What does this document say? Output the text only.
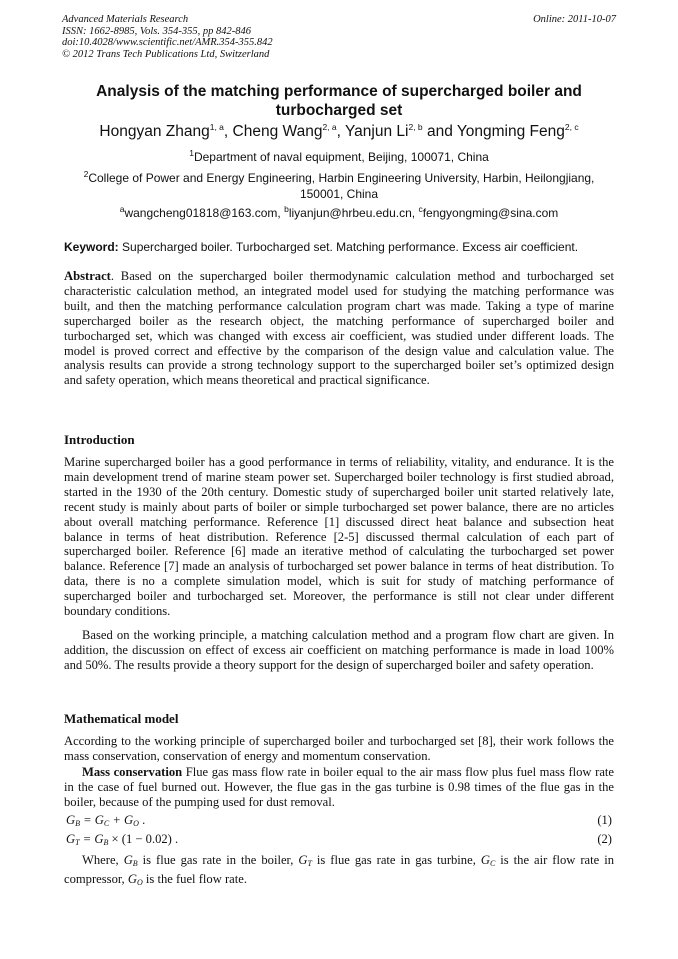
Advanced Materials Research
ISSN: 1662-8985, Vols. 354-355, pp 842-846
doi:10.4028/www.scientific.net/AMR.354-355.842
© 2012 Trans Tech Publications Ltd, Switzerland
Online: 2011-10-07
Analysis of the matching performance of supercharged boiler and turbocharged set
Hongyan Zhang$^{1, a}$, Cheng Wang$^{2, a}$, Yanjun Li$^{2, b}$ and Yongming Feng$^{2, c}$
$^1$Department of naval equipment, Beijing, 100071, China
$^2$College of Power and Energy Engineering, Harbin Engineering University, Harbin, Heilongjiang, 150001, China
$^a$wangcheng01818@163.com, $^b$liyanjun@hrbeu.edu.cn, $^c$fengyongming@sina.com
Keyword: Supercharged boiler. Turbocharged set. Matching performance. Excess air coefficient.
Abstract. Based on the supercharged boiler thermodynamic calculation method and turbocharged set characteristic calculation method, an integrated model used for studying the matching performance was built, and then the matching performance calculation program chart was made. Taking a type of marine supercharged boiler as the research object, the matching performance of supercharged boiler and turbocharged set, which was changed with excess air coefficient, was studied under different loads. The model is proved correct and effective by the comparison of the design value and calculation value. The analysis results can provide a strong technology support to the supercharged boiler set’s optimized design and safety operation, which means theoretical and practical significance.
Introduction
Marine supercharged boiler has a good performance in terms of reliability, vitality, and endurance. It is the main development trend of marine steam power set. Supercharged boiler technology is first studied abroad, started in the 1930 of the 20th century. Domestic study of supercharged boiler unit started relatively late, recent study is mainly about parts of boiler or simple turbocharged set power balance, there are no articles about overall matching performance. Reference [1] discussed direct heat balance and subsection heat balance in terms of heat distribution. Reference [2-5] discussed thermal calculation of each part of supercharged boiler. Reference [6] made an iterative method of calculating the turbocharged set power balance. Reference [7] made an analysis of turbocharged set power balance in terms of heat distribution. To data, there is no a complete simulation model, which is suit for study of matching performance of supercharged boiler and turbocharged set. Moreover, the performance is still not clear under different boundary conditions.
Based on the working principle, a matching calculation method and a program flow chart are given. In addition, the discussion on effect of excess air coefficient on matching performance is made in load 100% and 50%. The results provide a theory support for the design of supercharged boiler and safety operation.
Mathematical model
According to the working principle of supercharged boiler and turbocharged set [8], their work follows the mass conservation, conservation of energy and momentum conservation.
Mass conservation Flue gas mass flow rate in boiler equal to the air mass flow plus fuel mass flow rate in the case of fuel burned out. However, the flue gas in the gas turbine is 0.98 times of the flue gas in the boiler, because of the pumping used for dust removal.
$G_B = G_C + G_O$ .	(1)
$G_T = G_B \times (1 - 0.02)$ .	(2)
Where, $G_B$ is flue gas rate in the boiler, $G_T$ is flue gas rate in gas turbine, $G_C$ is the air flow rate in compressor, $G_O$ is the fuel flow rate.
